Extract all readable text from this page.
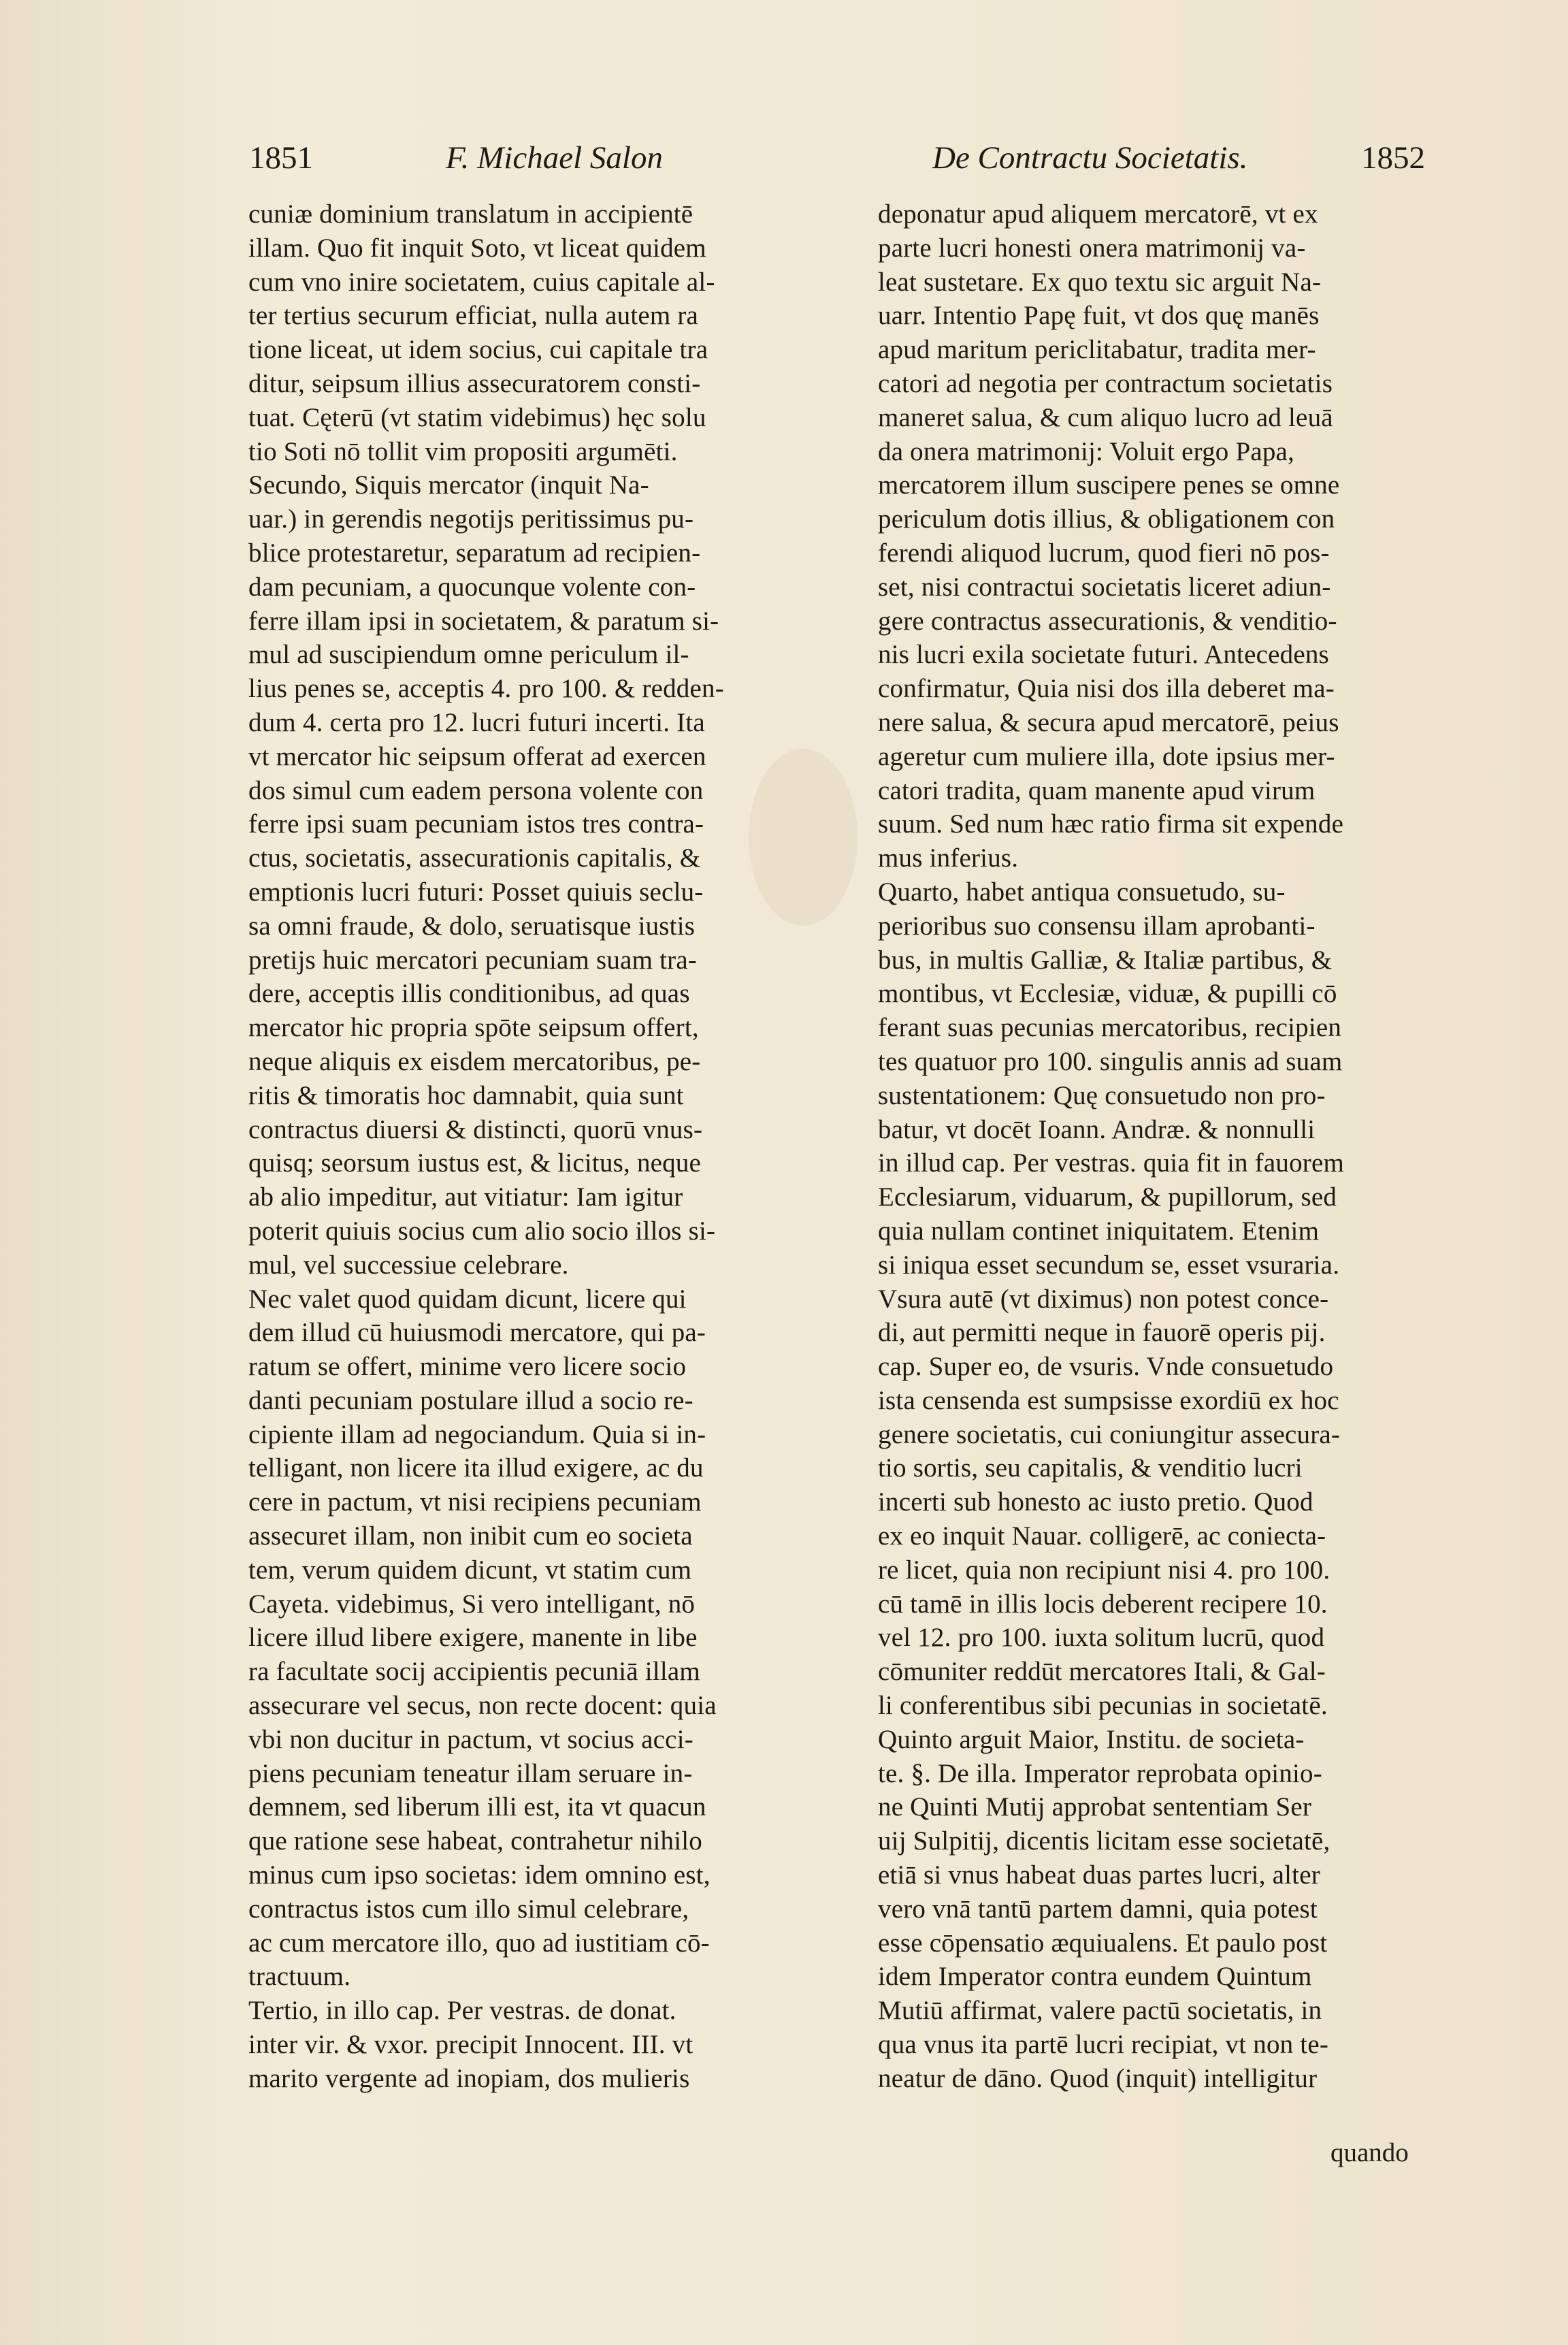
1851	F. Michael Salon	De Contractu Societatis.	1852
cuniæ dominium translatum in accipientē
illam. Quo fit inquit Soto, vt liceat quidem
cum vno inire societatem, cuius capitale al-
ter tertius securum efficiat, nulla autem ra
tione liceat, ut idem socius, cui capitale tra
ditur, seipsum illius assecuratorem consti-
tuat. Cęterū (vt statim videbimus) hęc solu
tio Soti nō tollit vim propositi argumēti.
Secundo, Siquis mercator (inquit Na-
uar.) in gerendis negotijs peritissimus pu-
blice protestaretur, separatum ad recipien-
dam pecuniam, a quocunque volente con-
ferre illam ipsi in societatem, & paratum si-
mul ad suscipiendum omne periculum il-
lius penes se, acceptis 4. pro 100. & redden-
dum 4. certa pro 12. lucri futuri incerti. Ita
vt mercator hic seipsum offerat ad exercen
dos simul cum eadem persona volente con
ferre ipsi suam pecuniam istos tres contra-
ctus, societatis, assecurationis capitalis, &
emptionis lucri futuri: Posset quiuis seclu-
sa omni fraude, & dolo, seruatisque iustis
pretijs huic mercatori pecuniam suam tra-
dere, acceptis illis conditionibus, ad quas
mercator hic propria spōte seipsum offert,
neque aliquis ex eisdem mercatoribus, pe-
ritis & timoratis hoc damnabit, quia sunt
contractus diuersi & distincti, quorū vnus-
quisq; seorsum iustus est, & licitus, neque
ab alio impeditur, aut vitiatur: Iam igitur
poterit quiuis socius cum alio socio illos si-
mul, vel successiue celebrare.
Nec valet quod quidam dicunt, licere qui
dem illud cū huiusmodi mercatore, qui pa-
ratum se offert, minime vero licere socio
danti pecuniam postulare illud a socio re-
cipiente illam ad negociandum. Quia si in-
telligant, non licere ita illud exigere, ac du
cere in pactum, vt nisi recipiens pecuniam
assecuret illam, non inibit cum eo societa
tem, verum quidem dicunt, vt statim cum
Cayeta. videbimus, Si vero intelligant, nō
licere illud libere exigere, manente in libe
ra facultate socij accipientis pecuniā illam
assecurare vel secus, non recte docent: quia
vbi non ducitur in pactum, vt socius acci-
piens pecuniam teneatur illam seruare in-
demnem, sed liberum illi est, ita vt quacun
que ratione sese habeat, contrahetur nihilo
minus cum ipso societas: idem omnino est,
contractus istos cum illo simul celebrare,
ac cum mercatore illo, quo ad iustitiam cō-
tractuum.
Tertio, in illo cap. Per vestras. de donat.
inter vir. & vxor. precipit Innocent. III. vt
marito vergente ad inopiam, dos mulieris
deponatur apud aliquem mercatorē, vt ex
parte lucri honesti onera matrimonij va-
leat sustetare. Ex quo textu sic arguit Na-
uarr. Intentio Papę fuit, vt dos quę manēs
apud maritum periclitabatur, tradita mer-
catori ad negotia per contractum societatis
maneret salua, & cum aliquo lucro ad leuā
da onera matrimonij: Voluit ergo Papa,
mercatorem illum suscipere penes se omne
periculum dotis illius, & obligationem con
ferendi aliquod lucrum, quod fieri nō pos-
set, nisi contractui societatis liceret adiun-
gere contractus assecurationis, & venditio-
nis lucri exila societate futuri. Antecedens
confirmatur, Quia nisi dos illa deberet ma-
nere salua, & secura apud mercatorē, peius
ageretur cum muliere illa, dote ipsius mer-
catori tradita, quam manente apud virum
suum. Sed num hæc ratio firma sit expende
mus inferius.
Quarto, habet antiqua consuetudo, su-
perioribus suo consensu illam aprobanti-
bus, in multis Galliæ, & Italiæ partibus, &
montibus, vt Ecclesiæ, viduæ, & pupilli cō
ferant suas pecunias mercatoribus, recipien
tes quatuor pro 100. singulis annis ad suam
sustentationem: Quę consuetudo non pro-
batur, vt docēt Ioann. Andræ. & nonnulli
in illud cap. Per vestras. quia fit in fauorem
Ecclesiarum, viduarum, & pupillorum, sed
quia nullam continet iniquitatem. Etenim
si iniqua esset secundum se, esset vsuraria.
Vsura autē (vt diximus) non potest conce-
di, aut permitti neque in fauorē operis pij.
cap. Super eo, de vsuris. Vnde consuetudo
ista censenda est sumpsisse exordiū ex hoc
genere societatis, cui coniungitur assecura-
tio sortis, seu capitalis, & venditio lucri
incerti sub honesto ac iusto pretio. Quod
ex eo inquit Nauar. colligerē, ac coniecta-
re licet, quia non recipiunt nisi 4. pro 100.
cū tamē in illis locis deberent recipere 10.
vel 12. pro 100. iuxta solitum lucrū, quod
cōmuniter reddūt mercatores Itali, & Gal-
li conferentibus sibi pecunias in societatē.
Quinto arguit Maior, Institu. de societa-
te. §. De illa. Imperator reprobata opinio-
ne Quinti Mutij approbat sententiam Ser
uij Sulpitij, dicentis licitam esse societatē,
etiā si vnus habeat duas partes lucri, alter
vero vnā tantū partem damni, quia potest
esse cōpensatio æquiualens. Et paulo post
idem Imperator contra eundem Quintum
Mutiū affirmat, valere pactū societatis, in
qua vnus ita partē lucri recipiat, vt non te-
neatur de dāno. Quod (inquit) intelligitur
quando
